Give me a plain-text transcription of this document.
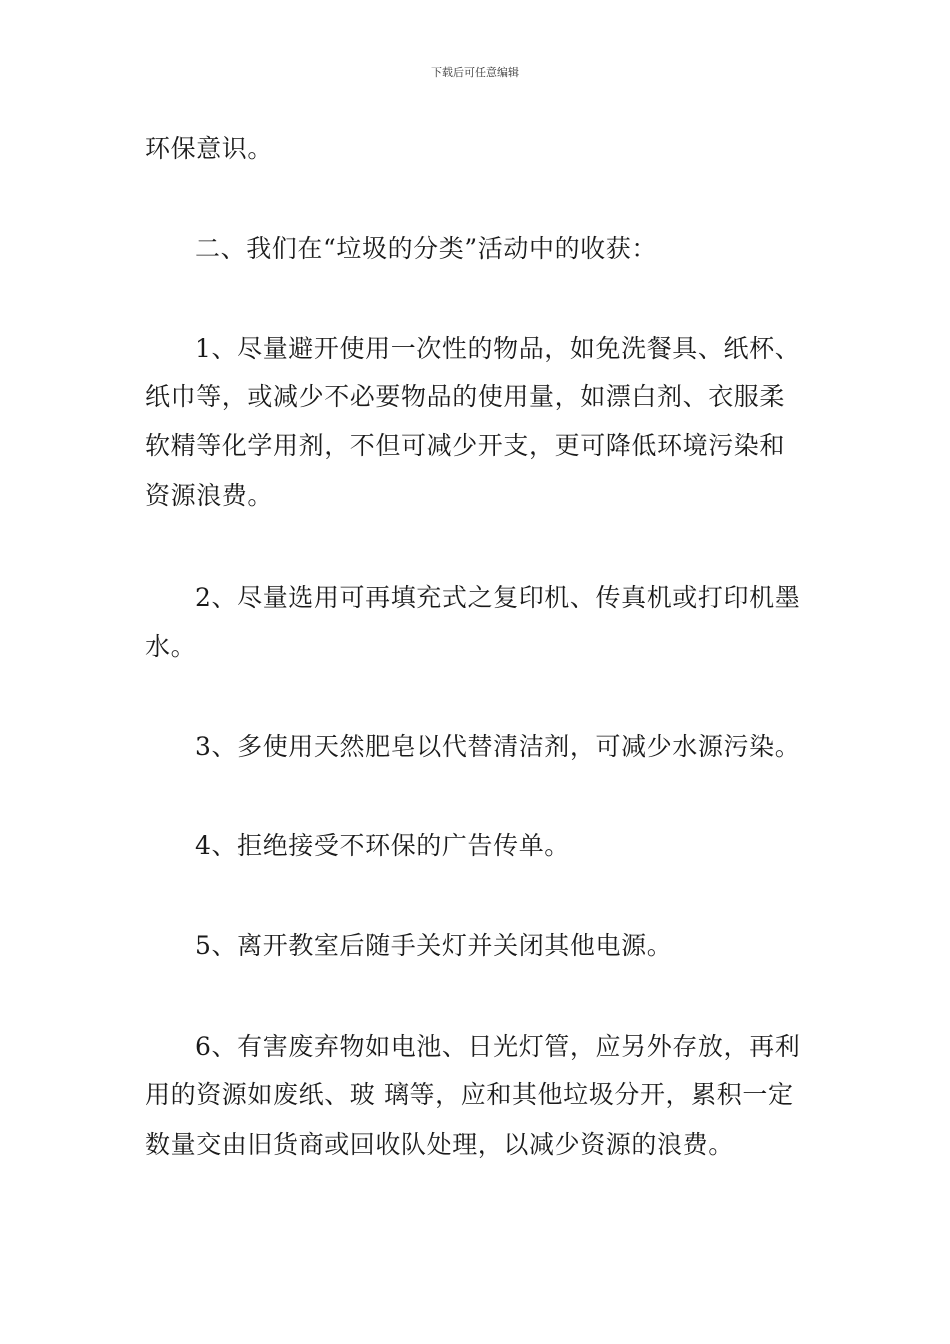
下载后可任意编辑
环保意识。
二、我们在“垃圾的分类”活动中的收获：
1、尽量避开使用一次性的物品，如免洗餐具、纸杯、
纸巾等，或减少不必要物品的使用量，如漂白剂、衣服柔
软精等化学用剂，不但可减少开支，更可降低环境污染和
资源浪费。
2、尽量选用可再填充式之复印机、传真机或打印机墨
水。
3、多使用天然肥皂以代替清洁剂，可减少水源污染。
4、拒绝接受不环保的广告传单。
5、离开教室后随手关灯并关闭其他电源。
6、有害废弃物如电池、日光灯管，应另外存放，再利
用的资源如废纸、玻 璃等，应和其他垃圾分开，累积一定
数量交由旧货商或回收队处理，以减少资源的浪费。
